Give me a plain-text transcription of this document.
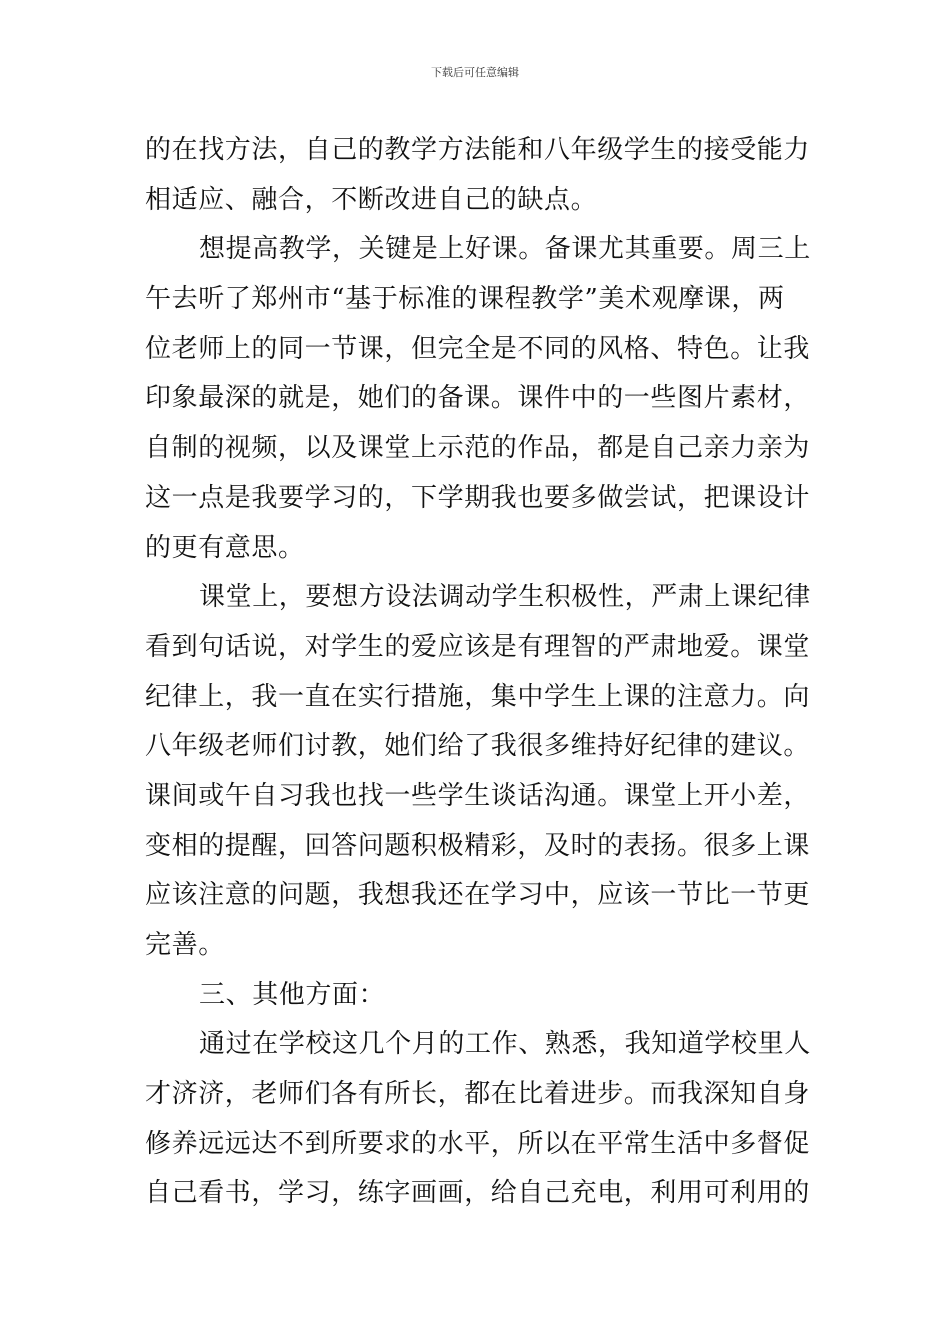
下载后可任意编辑
的在找方法，自己的教学方法能和八年级学生的接受能力
相适应、融合，不断改进自己的缺点。
想提高教学，关键是上好课。备课尤其重要。周三上
午去听了郑州市“基于标准的课程教学”美术观摩课，两
位老师上的同一节课，但完全是不同的风格、特色。让我
印象最深的就是，她们的备课。课件中的一些图片素材，
自制的视频，以及课堂上示范的作品，都是自己亲力亲为
这一点是我要学习的，下学期我也要多做尝试，把课设计
的更有意思。
课堂上，要想方设法调动学生积极性，严肃上课纪律
看到句话说，对学生的爱应该是有理智的严肃地爱。课堂
纪律上，我一直在实行措施，集中学生上课的注意力。向
八年级老师们讨教，她们给了我很多维持好纪律的建议。
课间或午自习我也找一些学生谈话沟通。课堂上开小差，
变相的提醒，回答问题积极精彩，及时的表扬。很多上课
应该注意的问题，我想我还在学习中，应该一节比一节更
完善。
三、其他方面：
通过在学校这几个月的工作、熟悉，我知道学校里人
才济济，老师们各有所长，都在比着进步。而我深知自身
修养远远达不到所要求的水平，所以在平常生活中多督促
自己看书，学习，练字画画，给自己充电，利用可利用的
